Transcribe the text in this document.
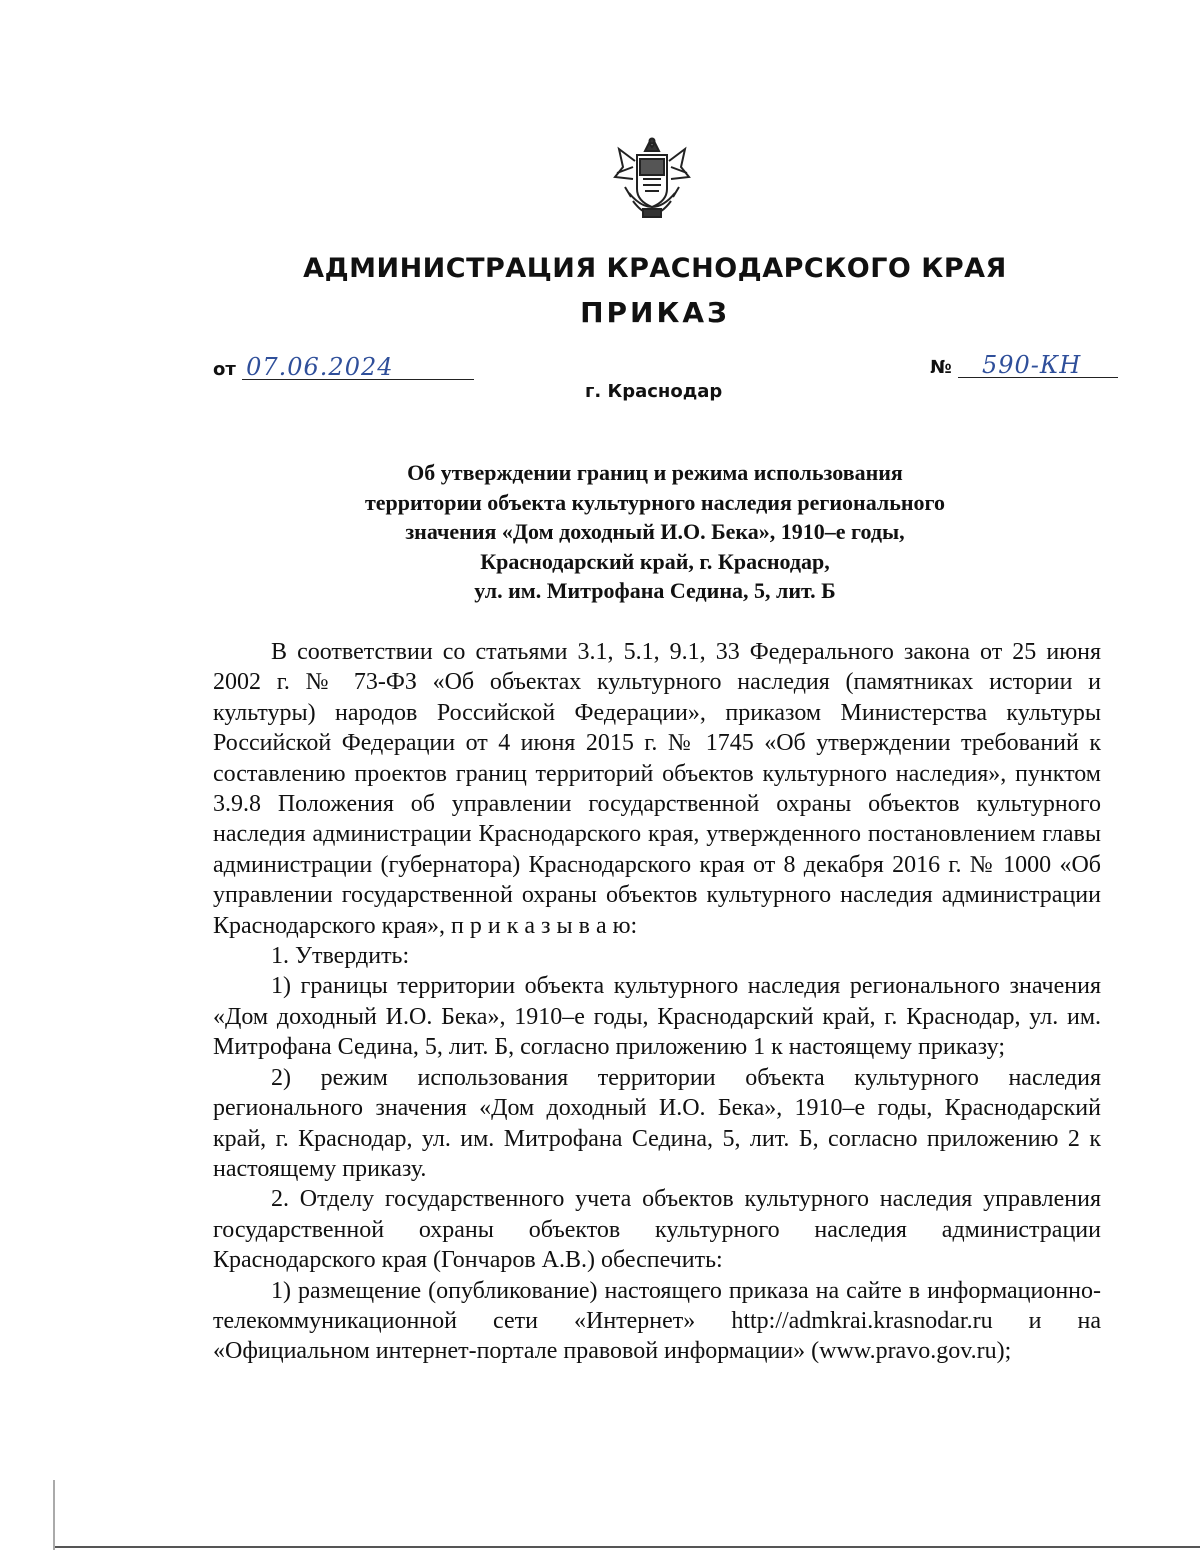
АДМИНИСТРАЦИЯ КРАСНОДАРСКОГО КРАЯ
ПРИКАЗ
от 07.06.2024	№ 590-КН
г. Краснодар
Об утверждении границ и режима использования
территории объекта культурного наследия регионального
значения «Дом доходный И.О. Бека», 1910–е годы,
Краснодарский край, г. Краснодар,
ул. им. Митрофана Седина, 5, лит. Б

В соответствии со статьями 3.1, 5.1, 9.1, 33 Федерального закона от 25 июня 2002 г. № 73-ФЗ «Об объектах культурного наследия (памятниках истории и культуры) народов Российской Федерации», приказом Министерства культуры Российской Федерации от 4 июня 2015 г. № 1745 «Об утверждении требований к составлению проектов границ территорий объектов культурного наследия», пунктом 3.9.8 Положения об управлении государственной охраны объектов культурного наследия администрации Краснодарского края, утвержденного постановлением главы администрации (губернатора) Краснодарского края от 8 декабря 2016 г. № 1000 «Об управлении государственной охраны объектов культурного наследия администрации Краснодарского края», п р и к а з ы в а ю:

1. Утвердить:

1) границы территории объекта культурного наследия регионального значения «Дом доходный И.О. Бека», 1910–е годы, Краснодарский край, г. Краснодар, ул. им. Митрофана Седина, 5, лит. Б, согласно приложению 1 к настоящему приказу;

2) режим использования территории объекта культурного наследия регионального значения «Дом доходный И.О. Бека», 1910–е годы, Краснодарский край, г. Краснодар, ул. им. Митрофана Седина, 5, лит. Б, согласно приложению 2 к настоящему приказу.

2. Отделу государственного учета объектов культурного наследия управления государственной охраны объектов культурного наследия администрации Краснодарского края (Гончаров А.В.) обеспечить:

1) размещение (опубликование) настоящего приказа на сайте в информационно-телекоммуникационной сети «Интернет» http://admkrai.krasnodar.ru и на «Официальном интернет-портале правовой информации» (www.pravo.gov.ru);
